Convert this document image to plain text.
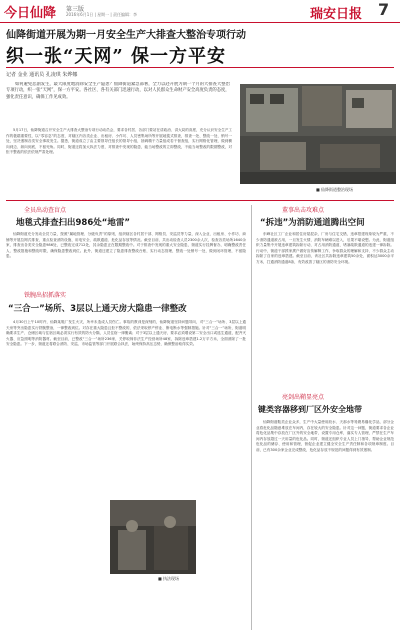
今日仙降 第三版
2016年6月1日 | 星期一 | 责任编辑：李	瑞安日报 7
仙降街道开展为期一月安全生产大排查大整治专项行动
织一张“天网” 保一方平安
记者 金业 通讯员 孔凌琪 朱烨娜
如何避免悲剧发生，最大限度地消除安全生产隐患？仙降街道紧急部署，全力以赴开展为期一个月的大排查大整治专项行动，织一张“天网”，保一方平安。各社区、各有关部门迅速行动，以对人民群众生命财产安全高度负责的态度，强化责任意识，确保工作见成效。
5月17日，仙降街道召开安全生产大排查大整治专项行动动员会，要求各村居、各部门要站在讲政治、讲大局的高度，充分认识安全生产工作的极端重要性，以“零容忍”的态度，对辖区内各类企业、出租房、小作坊、人员密集场所等开展地毯式排查，排查一处、整改一处、销号一处，坚决遏制各类安全事故发生。据悉，街道成立了由主要领导任组长的领导小组，抽调精干力量组成若干督查组，实行网格化管理，做到横向到边、纵向到底，不留死角。同时，街道还将加大执法力度，对排查中发现的隐患，能当场整改的立即整改，不能当场整改的限期整改，对拒不整改的依法依规严肃处理。
■ 仙降街道整治现场
全员出动查盲点
地毯式排查扫出986处“地雷”
仙降街道充分发动全员力量，按照“属地管理、分级负责”的原则，组织辖区各村居干部、网格员、安监员等力量，深入企业、出租房、小作坊、商铺等开展拉网式排查，重点检查消防设施、用电安全、疏散通道、危化品存放等情况。截至目前，共出动检查人员2300余人次，检查各类场所1640余家，排查出各类安全隐患986处，已整改完成712处，其余隐患正在限期整改中。对于排查中发现的重大安全隐患，街道实行挂牌督办，明确整改责任人、整改措施和整改时限，确保隐患整改到位。此外，街道还建立了隐患排查整改台账，实行动态管理，整改一处销号一处，做到闭环管理，不留隐患。
铁腕出招抓落实
“三合一”场所、3层以上通天房大隐患一律整改
4月30日上午10时许，仙降某鞋厂发生火灾，所幸未造成人员伤亡。事故的教训是深刻的，仙降街道坚持问题导向，对“三合一”场所、3层以上通天房等突出隐患实行铁腕整治，一律整改到位。对存在重大隐患且拒不整改的，依法采取停产停业、断电断水等强制措施。针对“三合一”场所，街道明确要求生产、仓储区域与住宿区域必须实行有效的防火分隔，人员住宿一律搬离；对于3层以上通天房，要求必须增设第二安全出口或逃生通道，配齐灭火器、应急照明等消防器材。截至目前，已整改“三合一”场所236家，关停取缔非法生产经营场所48家，拆除违章搭建1.2万平方米，全面消除了一批安全隐患。下一步，街道还将联合消防、安监、市场监管等部门开展联合执法，始终保持高压态势，确保整治取得实效。
■ 执法现场
董事出击攻难点
“拆违”为消防通道腾出空间
东峰社区工厂企业和居住房屋混杂，厂房与住宅交错，违章搭建现象较为严重，不少消防通道被占用，一旦发生火情，消防车辆难以进入，后果不堪设想。为此，街道组织力量集中开展违章建筑拆除行动，对占用消防通道、堵塞疏散通道的违建一律拆除。行动中，街道干部挨家挨户做好宣传解释工作，争取群众的理解和支持，不少群众主动拆除了自家的违章搭建。截至目前，该社区共拆除违章建筑50余处，面积达3000余平方米，打通消防通道8条，有效改善了辖区的消防安全环境。
亮剑出鞘显亮点
键类容器移到厂区外安全地带
仙降街道鞋类企业众多，生产中大量使用胶水、天那水等易燃易爆化学品，部分企业将危化品随意堆放在车间内，存在较大的安全隐患。针对这一问题，街道要求各企业将危化品集中存放在厂区外的安全地带，设置专用仓库，落实专人管理，严禁在生产车间内存放超过一天用量的危化品。同时，街道还组织专业人员上门指导，帮助企业规范危化品的储存、使用和管理，督促企业建立健全安全生产责任制和各项规章制度。目前，已有300余家企业完成整改，危化品存放不规范的问题得到有效遏制。
